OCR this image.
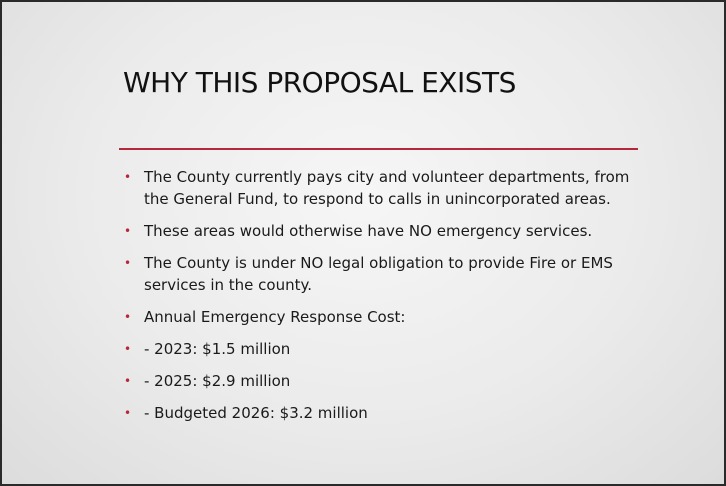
WHY THIS PROPOSAL EXISTS
• The County currently pays city and volunteer departments, from the General Fund, to respond to calls in unincorporated areas.
• These areas would otherwise have NO emergency services.
• The County is under NO legal obligation to provide Fire or EMS services in the county.
• Annual Emergency Response Cost:
• - 2023: $1.5 million
• - 2025: $2.9 million
• - Budgeted 2026: $3.2 million
